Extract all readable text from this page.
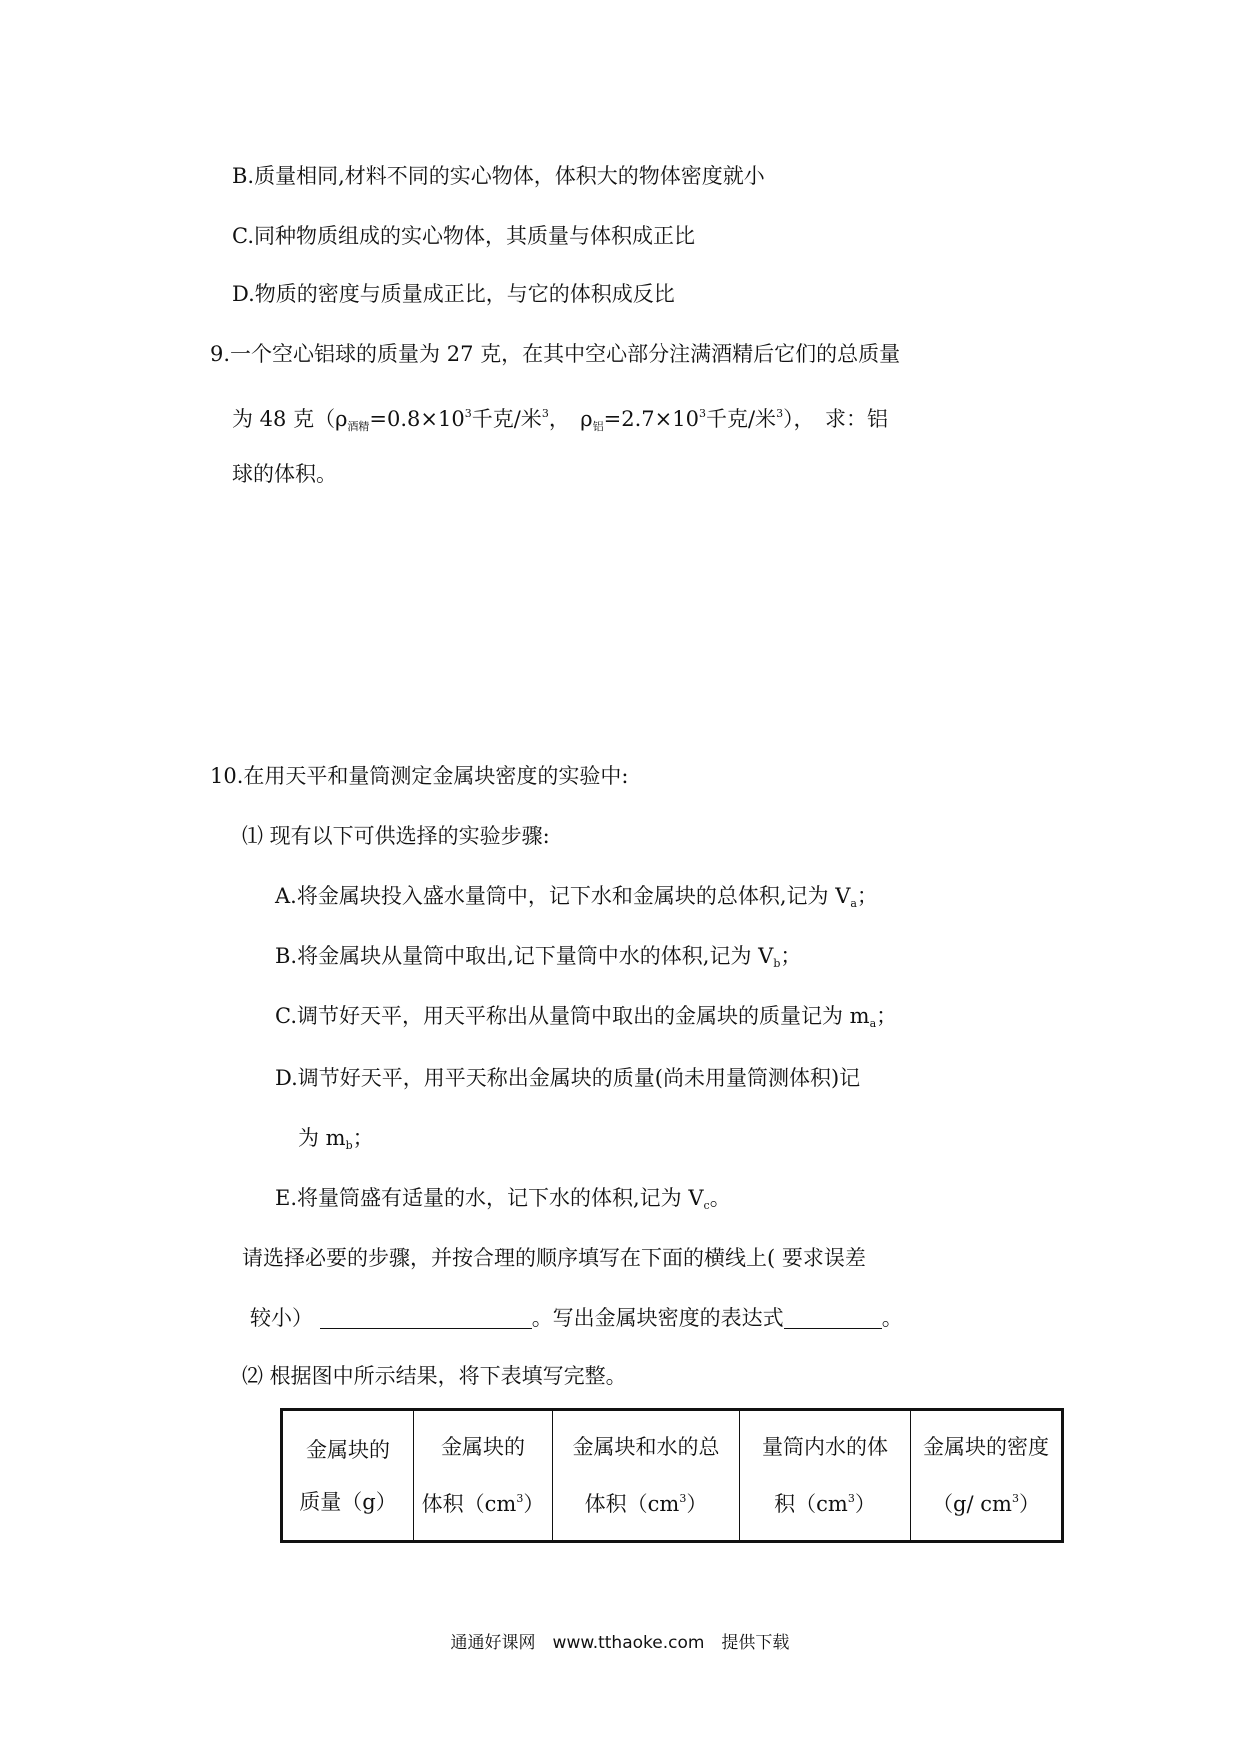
B.质量相同,材料不同的实心物体，体积大的物体密度就小
C.同种物质组成的实心物体，其质量与体积成正比
D.物质的密度与质量成正比，与它的体积成反比
9.一个空心铝球的质量为 27 克，在其中空心部分注满酒精后它们的总质量
为 48 克（$\rho_{酒精}=0.8\times 10^3$千克/米$^3$，　$\rho_铝=2.7\times 10^3$千克/米$^3$），　求：铝
球的体积。
10.在用天平和量筒测定金属块密度的实验中:
⑴ 现有以下可供选择的实验步骤:
A.将金属块投入盛水量筒中，记下水和金属块的总体积,记为 $V_a$；
B.将金属块从量筒中取出,记下量筒中水的体积,记为 $V_b$；
C.调节好天平，用天平称出从量筒中取出的金属块的质量记为 $m_a$；
D.调节好天平，用平天称出金属块的质量(尚未用量筒测体积)记
为 $m_b$；
E.将量筒盛有适量的水，记下水的体积,记为 $V_c$。
请选择必要的步骤，并按合理的顺序填写在下面的横线上( 要求误差
较小）	。写出金属块密度的表达式	。
⑵ 根据图中所示结果，将下表填写完整。
金属块的
质量（g）

金属块的
体积$(cm^3)$

金属块和水的总
体积$(cm^3)$

量筒内水的体
积$(cm^3)$

金属块的密度
（g/ $cm^3$）
通通好课网　www.tthaoke.com　提供下载
